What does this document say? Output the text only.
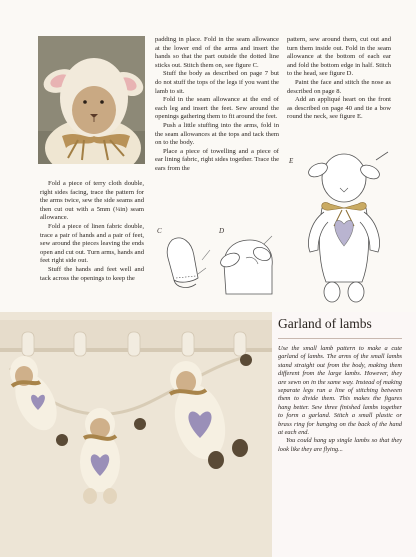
Fold a piece of terry cloth double, right sides facing, trace the pattern for the arms twice, sew the side seams and then cut out with a 5mm (¼in) seam allowance.

Fold a piece of linen fabric double, trace a pair of hands and a pair of feet, sew around the pieces leaving the ends open and cut out. Turn arms, hands and feet right side out.

Stuff the hands and feet well and tack across the openings to keep the

padding in place. Fold in the seam allowance at the lower end of the arms and insert the hands so that the part outside the dotted line sticks out. Stitch them on, see figure C.

Stuff the body as described on page 7 but do not stuff the tops of the legs if you want the lamb to sit.

Fold in the seam allowance at the end of each leg and insert the feet. Sew around the openings gathering them to fit around the feet.

Push a little stuffing into the arms, fold in the seam allowances at the tops and tack them on to the body.

Place a piece of towelling and a piece of ear lining fabric, right sides together. Trace the ears from the

pattern, sew around them, cut out and turn them inside out. Fold in the seam allowance at the bottom of each ear and fold the bottom edge in half. Stitch to the head, see figure D.

Paint the face and stitch the nose as described on page 8.

Add an appliqué heart on the front as described on page 40 and tie a bow round the neck, see figure E.

C	D
E
Garland of lambs

Use the small lamb pattern to make a cute garland of lambs. The arms of the small lambs stand straight out from the body, making them different from the large lambs. However, they are sewn on in the same way. Instead of making separate legs run a line of stitching between them to divide them. This makes the figures hang better. Sew three finished lambs together to form a garland. Stitch a small plastic or brass ring for hanging on the back of the hand at each end.

You could hang up single lambs so that they look like they are flying...
